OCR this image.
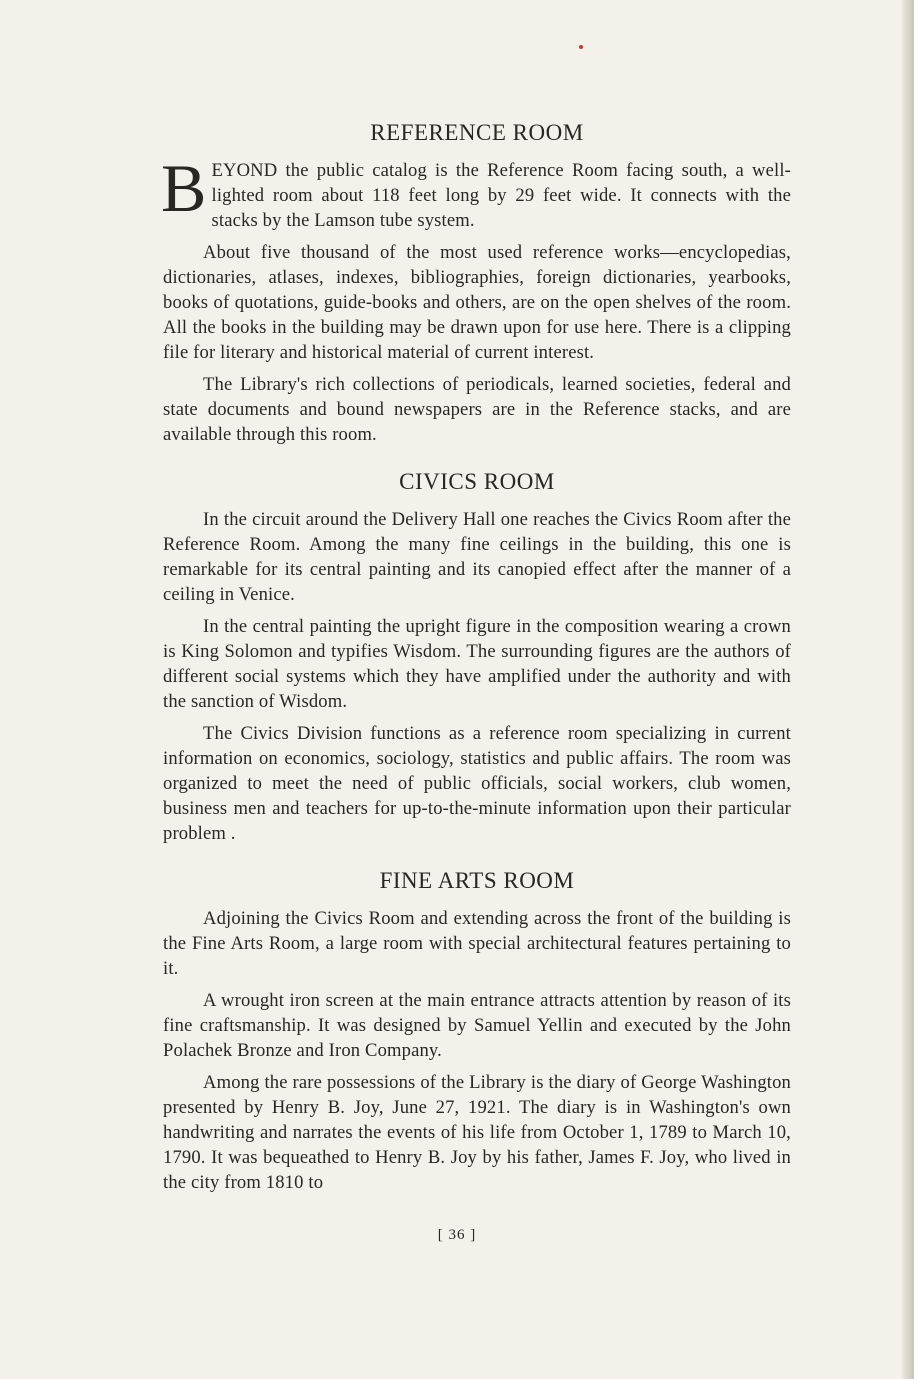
REFERENCE ROOM

BEYOND the public catalog is the Reference Room facing south, a well-lighted room about 118 feet long by 29 feet wide. It connects with the stacks by the Lamson tube system.

About five thousand of the most used reference works—encyclopedias, dictionaries, atlases, indexes, bibliographies, foreign dictionaries, yearbooks, books of quotations, guide-books and others, are on the open shelves of the room. All the books in the building may be drawn upon for use here. There is a clipping file for literary and historical material of current interest.

The Library's rich collections of periodicals, learned societies, federal and state documents and bound newspapers are in the Reference stacks, and are available through this room.

CIVICS ROOM

In the circuit around the Delivery Hall one reaches the Civics Room after the Reference Room. Among the many fine ceilings in the building, this one is remarkable for its central painting and its canopied effect after the manner of a ceiling in Venice.

In the central painting the upright figure in the composition wearing a crown is King Solomon and typifies Wisdom. The surrounding figures are the authors of different social systems which they have amplified under the authority and with the sanction of Wisdom.

The Civics Division functions as a reference room specializing in current information on economics, sociology, statistics and public affairs. The room was organized to meet the need of public officials, social workers, club women, business men and teachers for up-to-the-minute information upon their particular problem .

FINE ARTS ROOM

Adjoining the Civics Room and extending across the front of the building is the Fine Arts Room, a large room with special architectural features pertaining to it.

A wrought iron screen at the main entrance attracts attention by reason of its fine craftsmanship. It was designed by Samuel Yellin and executed by the John Polachek Bronze and Iron Company.

Among the rare possessions of the Library is the diary of George Washington presented by Henry B. Joy, June 27, 1921. The diary is in Washington's own handwriting and narrates the events of his life from October 1, 1789 to March 10, 1790. It was bequeathed to Henry B. Joy by his father, James F. Joy, who lived in the city from 1810 to

[ 36 ]
